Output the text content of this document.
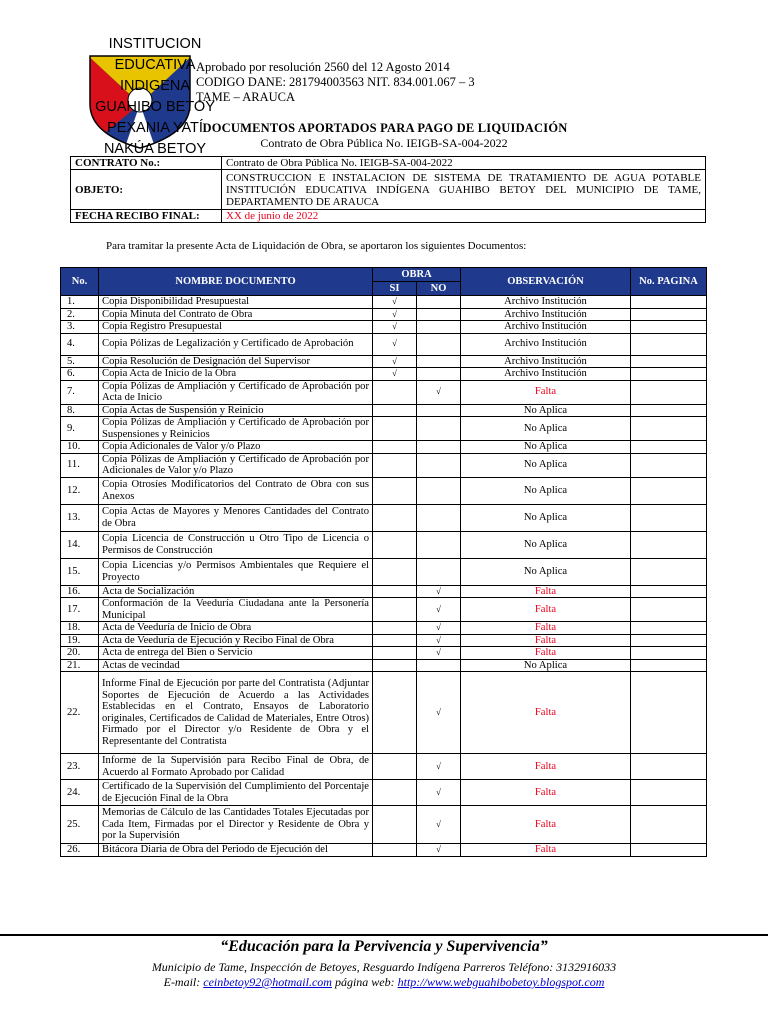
INSTITUCION
EDUCATIVA
INDIGENA
GUAHIBO BETOY
PEXANIA YATÍ
NAKÚA BETOY
Aprobado por resolución 2560 del 12 Agosto 2014
CODIGO DANE: 281794003563 NIT. 834.001.067 – 3
TAME – ARAUCA
DOCUMENTOS APORTADOS PARA PAGO DE LIQUIDACIÓN
Contrato de Obra Pública No. IEIGB-SA-004-2022
CONTRATO No.:	Contrato de Obra Pública No. IEIGB-SA-004-2022
OBJETO:	CONSTRUCCION E INSTALACION DE SISTEMA DE TRATAMIENTO DE AGUA POTABLE INSTITUCIÓN EDUCATIVA INDÍGENA GUAHIBO BETOY DEL MUNICIPIO DE TAME, DEPARTAMENTO DE ARAUCA
FECHA RECIBO FINAL:	XX de junio de 2022
Para tramitar la presente Acta de Liquidación de Obra, se aportaron los siguientes Documentos:
No.	NOMBRE DOCUMENTO	OBRA		OBSERVACIÓN	No. PAGINA
		SI	NO		
1.	Copia Disponibilidad Presupuestal	√		Archivo Institución	
2.	Copia Minuta del Contrato de Obra	√		Archivo Institución	
3.	Copia Registro Presupuestal	√		Archivo Institución	
4.	Copia Pólizas de Legalización y Certificado de Aprobación	√		Archivo Institución	
5.	Copia Resolución de Designación del Supervisor	√		Archivo Institución	
6.	Copia Acta de Inicio de la Obra	√		Archivo Institución	
7.	Copia Pólizas de Ampliación y Certificado de Aprobación por Acta de Inicio		√	Falta	
8.	Copia Actas de Suspensión y Reinicio			No Aplica	
9.	Copia Pólizas de Ampliación y Certificado de Aprobación por Suspensiones y Reinicios			No Aplica	
10.	Copia Adicionales de Valor y/o Plazo			No Aplica	
11.	Copia Pólizas de Ampliación y Certificado de Aprobación por Adicionales de Valor y/o Plazo			No Aplica	
12.	Copia Otrosíes Modificatorios del Contrato de Obra con sus Anexos			No Aplica	
13.	Copia Actas de Mayores y Menores Cantidades del Contrato de Obra			No Aplica	
14.	Copia Licencia de Construcción u Otro Tipo de Licencia o Permisos de Construcción			No Aplica	
15.	Copia Licencias y/o Permisos Ambientales que Requiere el Proyecto			No Aplica	
16.	Acta de Socialización		√	Falta	
17.	Conformación de la Veeduría Ciudadana ante la Personería Municipal		√	Falta	
18.	Acta de Veeduría de Inicio de Obra		√	Falta	
19.	Acta de Veeduría de Ejecución y Recibo Final de Obra		√	Falta	
20.	Acta de entrega del Bien o Servicio		√	Falta	
21.	Actas de vecindad			No Aplica	
22.	Informe Final de Ejecución por parte del Contratista (Adjuntar Soportes de Ejecución de Acuerdo a las Actividades Establecidas en el Contrato, Ensayos de Laboratorio originales, Certificados de Calidad de Materiales, Entre Otros) Firmado por el Director y/o Residente de Obra y el Representante del Contratista		√	Falta	
23.	Informe de la Supervisión para Recibo Final de Obra, de Acuerdo al Formato Aprobado por Calidad		√	Falta	
24.	Certificado de la Supervisión del Cumplimiento del Porcentaje de Ejecución Final de la Obra		√	Falta	
25.	Memorias de Cálculo de las Cantidades Totales Ejecutadas por Cada Item, Firmadas por el Director y Residente de Obra y por la Supervisión		√	Falta	
26.	Bitácora Diaria de Obra del Periodo de Ejecución del		√	Falta	
“Educación para la Pervivencia y Supervivencia”
Municipio de Tame, Inspección de Betoyes, Resguardo Indígena Parreros Teléfono: 3132916033
E-mail: ceinbetoy92@hotmail.com página web: http://www.webguahibobetoy.blogspot.com
